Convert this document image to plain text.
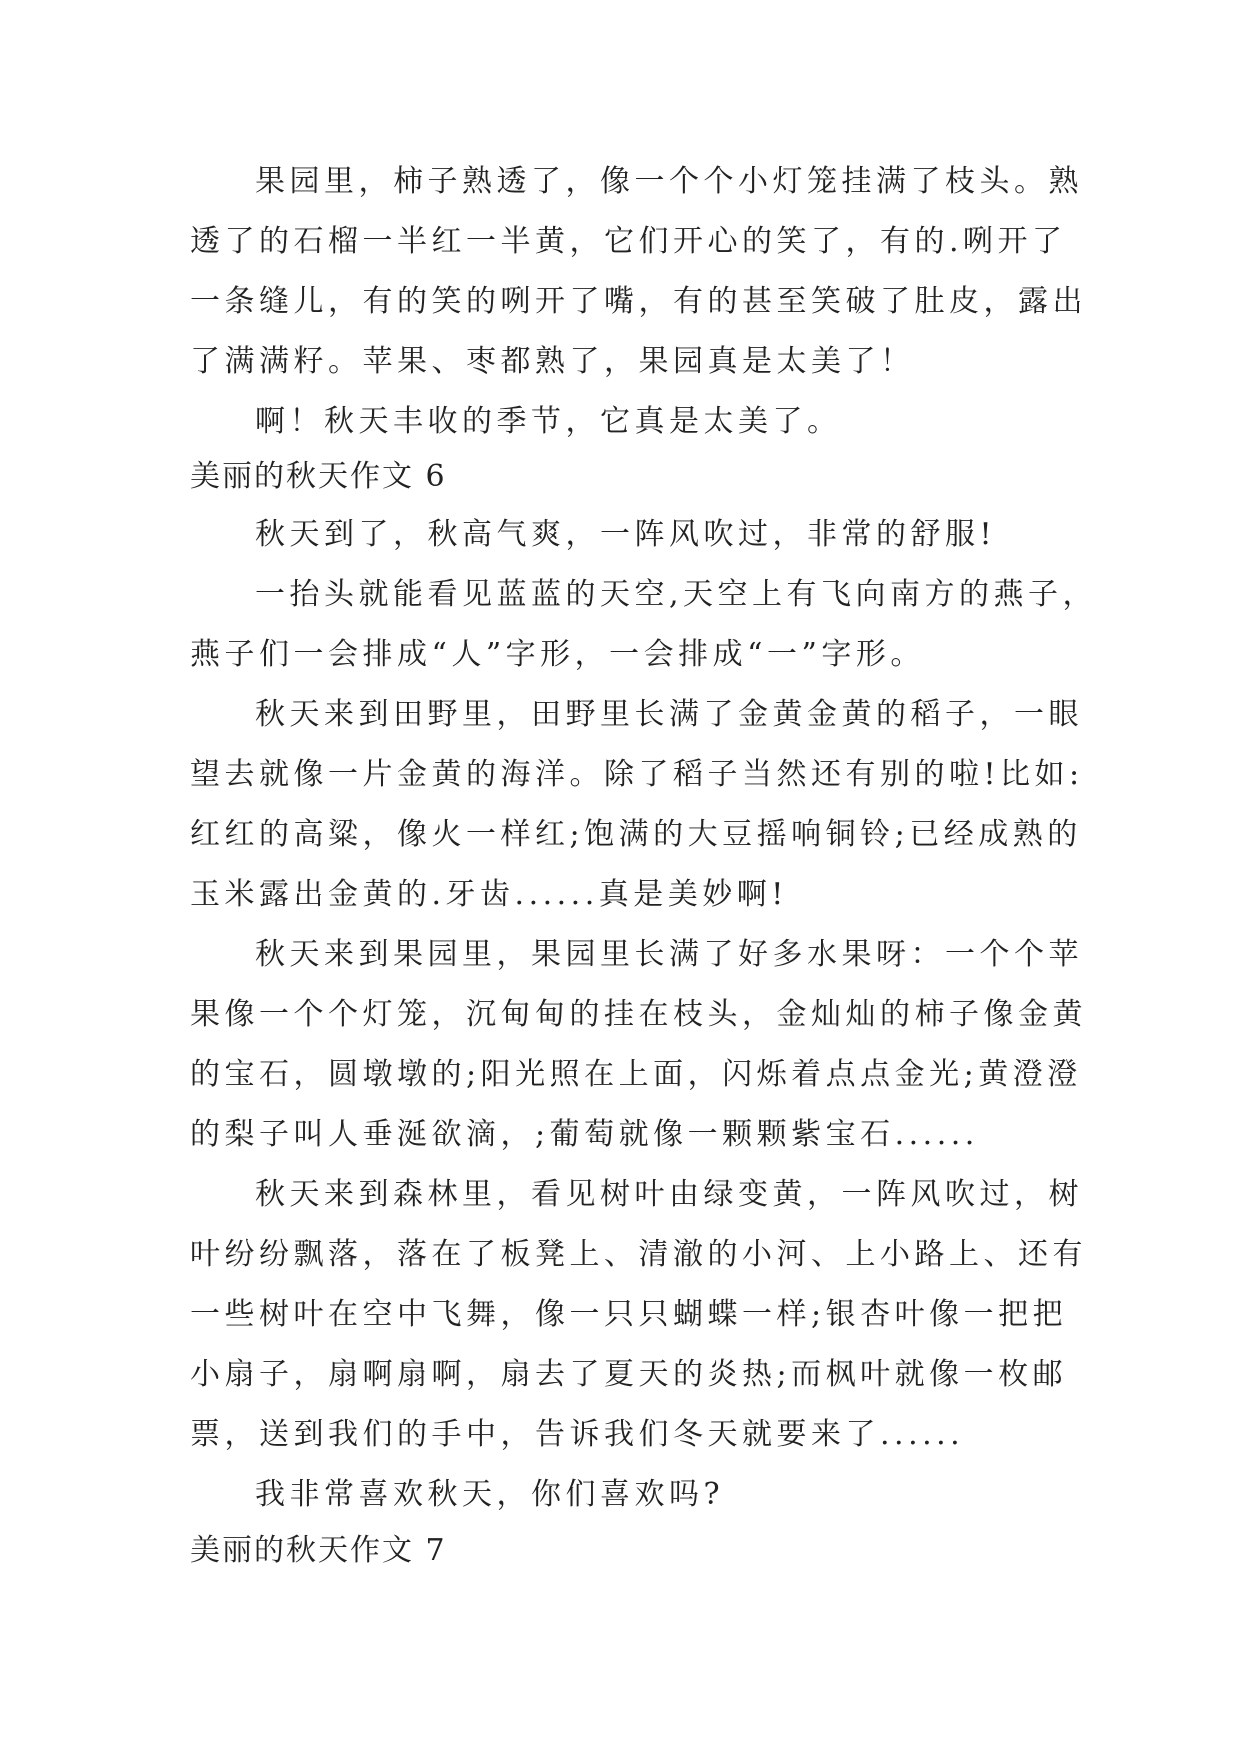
果园里，柿子熟透了，像一个个小灯笼挂满了枝头。熟
透了的石榴一半红一半黄，它们开心的笑了，有的.咧开了
一条缝儿，有的笑的咧开了嘴，有的甚至笑破了肚皮，露出
了满满籽。苹果、枣都熟了，果园真是太美了！
啊！秋天丰收的季节，它真是太美了。
美丽的秋天作文 6
秋天到了，秋高气爽，一阵风吹过，非常的舒服!
一抬头就能看见蓝蓝的天空,天空上有飞向南方的燕子，
燕子们一会排成“人”字形，一会排成“一”字形。
秋天来到田野里，田野里长满了金黄金黄的稻子，一眼
望去就像一片金黄的海洋。除了稻子当然还有别的啦!比如:
红红的高粱，像火一样红;饱满的大豆摇响铜铃;已经成熟的
玉米露出金黄的.牙齿......真是美妙啊!
秋天来到果园里，果园里长满了好多水果呀：一个个苹
果像一个个灯笼，沉甸甸的挂在枝头，金灿灿的柿子像金黄
的宝石，圆墩墩的;阳光照在上面，闪烁着点点金光;黄澄澄
的梨子叫人垂涎欲滴，;葡萄就像一颗颗紫宝石......
秋天来到森林里，看见树叶由绿变黄，一阵风吹过，树
叶纷纷飘落，落在了板凳上、清澈的小河、上小路上、还有
一些树叶在空中飞舞，像一只只蝴蝶一样;银杏叶像一把把
小扇子，扇啊扇啊，扇去了夏天的炎热;而枫叶就像一枚邮
票，送到我们的手中，告诉我们冬天就要来了......
我非常喜欢秋天，你们喜欢吗?
美丽的秋天作文 7
